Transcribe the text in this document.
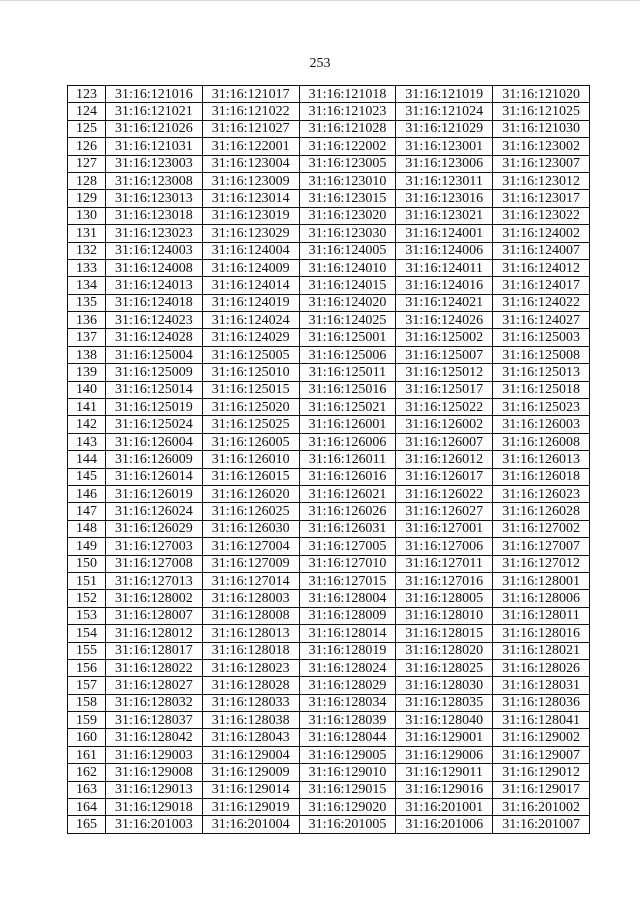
253
123	31:16:121016	31:16:121017	31:16:121018	31:16:121019	31:16:121020
124	31:16:121021	31:16:121022	31:16:121023	31:16:121024	31:16:121025
125	31:16:121026	31:16:121027	31:16:121028	31:16:121029	31:16:121030
126	31:16:121031	31:16:122001	31:16:122002	31:16:123001	31:16:123002
127	31:16:123003	31:16:123004	31:16:123005	31:16:123006	31:16:123007
128	31:16:123008	31:16:123009	31:16:123010	31:16:123011	31:16:123012
129	31:16:123013	31:16:123014	31:16:123015	31:16:123016	31:16:123017
130	31:16:123018	31:16:123019	31:16:123020	31:16:123021	31:16:123022
131	31:16:123023	31:16:123029	31:16:123030	31:16:124001	31:16:124002
132	31:16:124003	31:16:124004	31:16:124005	31:16:124006	31:16:124007
133	31:16:124008	31:16:124009	31:16:124010	31:16:124011	31:16:124012
134	31:16:124013	31:16:124014	31:16:124015	31:16:124016	31:16:124017
135	31:16:124018	31:16:124019	31:16:124020	31:16:124021	31:16:124022
136	31:16:124023	31:16:124024	31:16:124025	31:16:124026	31:16:124027
137	31:16:124028	31:16:124029	31:16:125001	31:16:125002	31:16:125003
138	31:16:125004	31:16:125005	31:16:125006	31:16:125007	31:16:125008
139	31:16:125009	31:16:125010	31:16:125011	31:16:125012	31:16:125013
140	31:16:125014	31:16:125015	31:16:125016	31:16:125017	31:16:125018
141	31:16:125019	31:16:125020	31:16:125021	31:16:125022	31:16:125023
142	31:16:125024	31:16:125025	31:16:126001	31:16:126002	31:16:126003
143	31:16:126004	31:16:126005	31:16:126006	31:16:126007	31:16:126008
144	31:16:126009	31:16:126010	31:16:126011	31:16:126012	31:16:126013
145	31:16:126014	31:16:126015	31:16:126016	31:16:126017	31:16:126018
146	31:16:126019	31:16:126020	31:16:126021	31:16:126022	31:16:126023
147	31:16:126024	31:16:126025	31:16:126026	31:16:126027	31:16:126028
148	31:16:126029	31:16:126030	31:16:126031	31:16:127001	31:16:127002
149	31:16:127003	31:16:127004	31:16:127005	31:16:127006	31:16:127007
150	31:16:127008	31:16:127009	31:16:127010	31:16:127011	31:16:127012
151	31:16:127013	31:16:127014	31:16:127015	31:16:127016	31:16:128001
152	31:16:128002	31:16:128003	31:16:128004	31:16:128005	31:16:128006
153	31:16:128007	31:16:128008	31:16:128009	31:16:128010	31:16:128011
154	31:16:128012	31:16:128013	31:16:128014	31:16:128015	31:16:128016
155	31:16:128017	31:16:128018	31:16:128019	31:16:128020	31:16:128021
156	31:16:128022	31:16:128023	31:16:128024	31:16:128025	31:16:128026
157	31:16:128027	31:16:128028	31:16:128029	31:16:128030	31:16:128031
158	31:16:128032	31:16:128033	31:16:128034	31:16:128035	31:16:128036
159	31:16:128037	31:16:128038	31:16:128039	31:16:128040	31:16:128041
160	31:16:128042	31:16:128043	31:16:128044	31:16:129001	31:16:129002
161	31:16:129003	31:16:129004	31:16:129005	31:16:129006	31:16:129007
162	31:16:129008	31:16:129009	31:16:129010	31:16:129011	31:16:129012
163	31:16:129013	31:16:129014	31:16:129015	31:16:129016	31:16:129017
164	31:16:129018	31:16:129019	31:16:129020	31:16:201001	31:16:201002
165	31:16:201003	31:16:201004	31:16:201005	31:16:201006	31:16:201007
